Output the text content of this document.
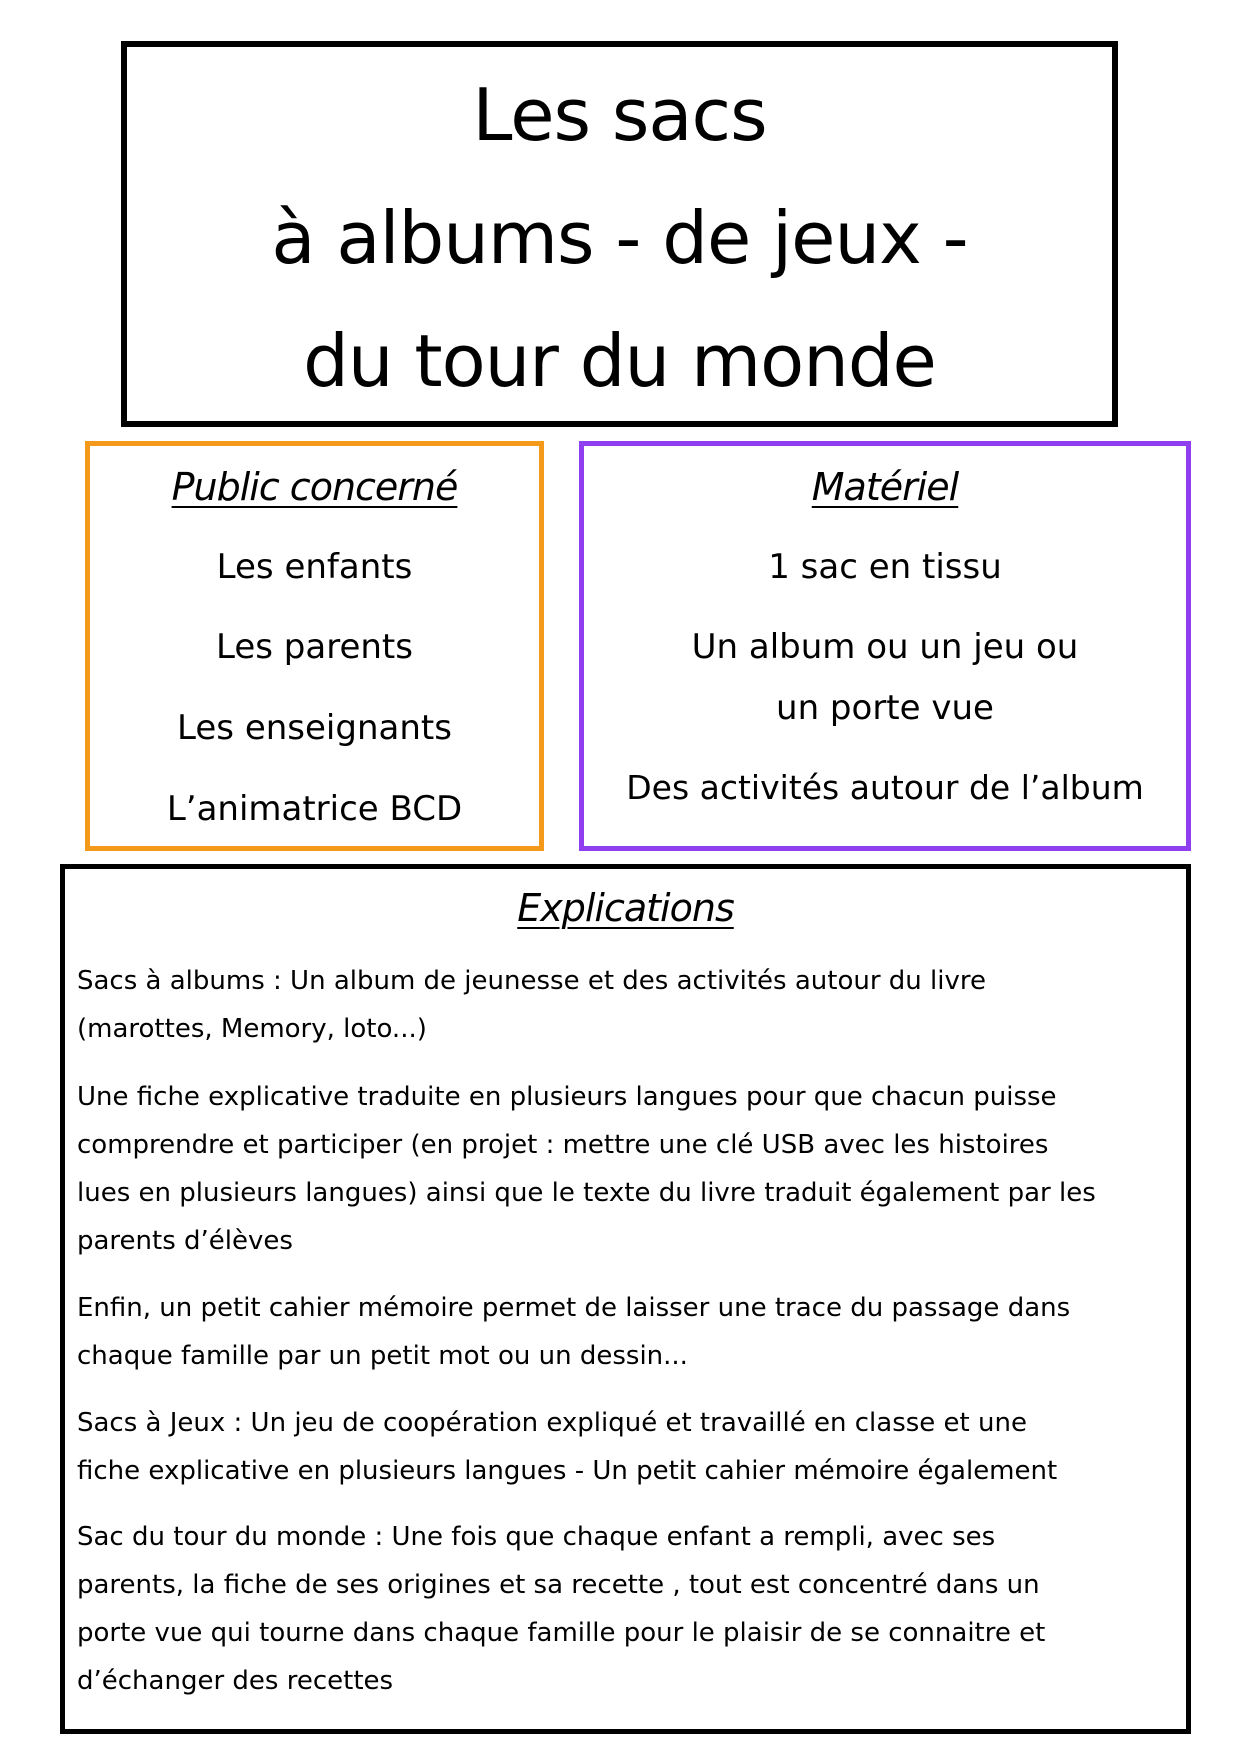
Les sacs
à albums - de jeux -
du tour du monde
Public concerné
Les enfants
Les parents
Les enseignants
L’animatrice BCD
Matériel
1 sac en tissu
Un album ou un jeu ou
un porte vue
Des activités autour de l’album
Explications
Sacs à albums : Un album de jeunesse et des activités autour du livre
(marottes, Memory, loto...)
Une fiche explicative traduite en plusieurs langues pour que chacun puisse
comprendre et participer (en projet : mettre une clé USB avec les histoires
lues en plusieurs langues) ainsi que le texte du livre traduit également par les
parents d’élèves
Enfin, un petit cahier mémoire permet de laisser une trace du passage dans
chaque famille par un petit mot ou un dessin...
Sacs à Jeux : Un jeu de coopération expliqué et travaillé en classe et une
fiche explicative en plusieurs langues - Un petit cahier mémoire également
Sac du tour du monde : Une fois que chaque enfant a rempli, avec ses
parents, la fiche de ses origines et sa recette , tout est concentré dans un
porte vue qui tourne dans chaque famille pour le plaisir de se connaitre et
d’échanger des recettes
